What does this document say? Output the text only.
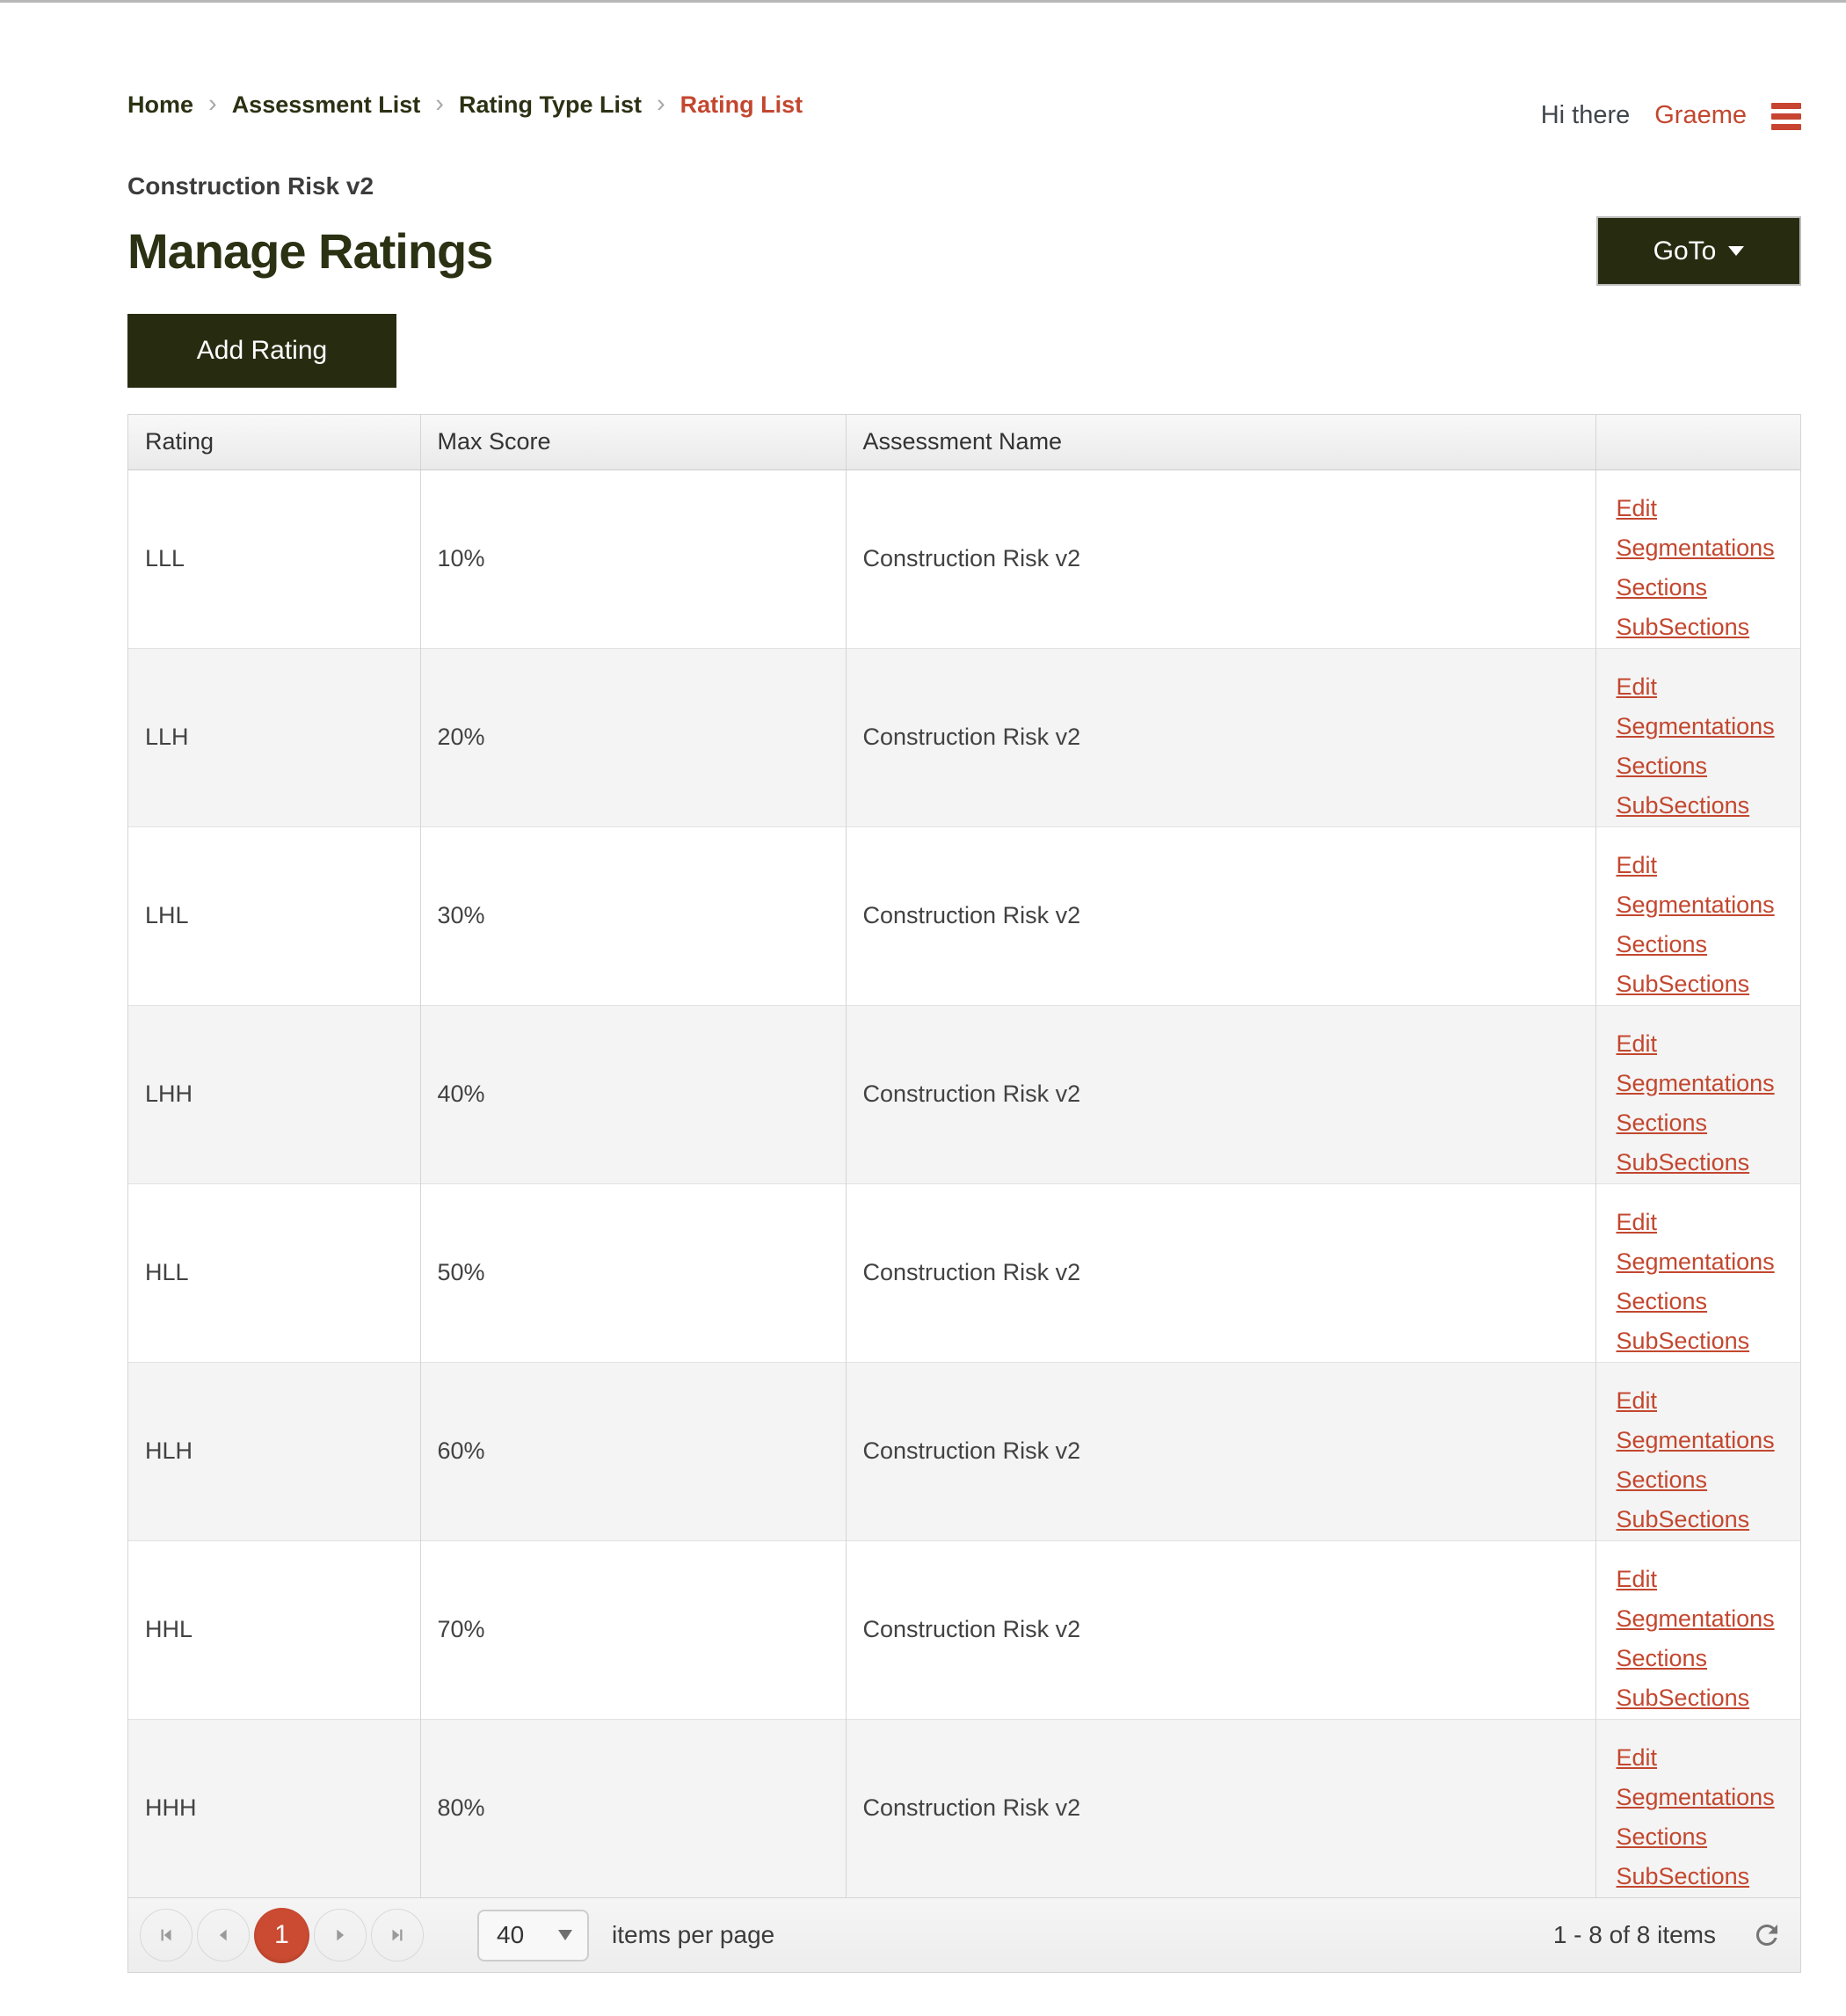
Home › Assessment List › Rating Type List › Rating List	Hi there Graeme
Construction Risk v2
Manage Ratings	GoTo
Add Rating
Rating	Max Score	Assessment Name	
LLL	10%	Construction Risk v2	Edit
Segmentations
Sections
SubSections

LLH	20%	Construction Risk v2	Edit
Segmentations
Sections
SubSections

LHL	30%	Construction Risk v2	Edit
Segmentations
Sections
SubSections

LHH	40%	Construction Risk v2	Edit
Segmentations
Sections
SubSections

HLL	50%	Construction Risk v2	Edit
Segmentations
Sections
SubSections

HLH	60%	Construction Risk v2	Edit
Segmentations
Sections
SubSections

HHL	70%	Construction Risk v2	Edit
Segmentations
Sections
SubSections

HHH	80%	Construction Risk v2	Edit
Segmentations
Sections
SubSections
1	40	items per page	1 - 8 of 8 items
